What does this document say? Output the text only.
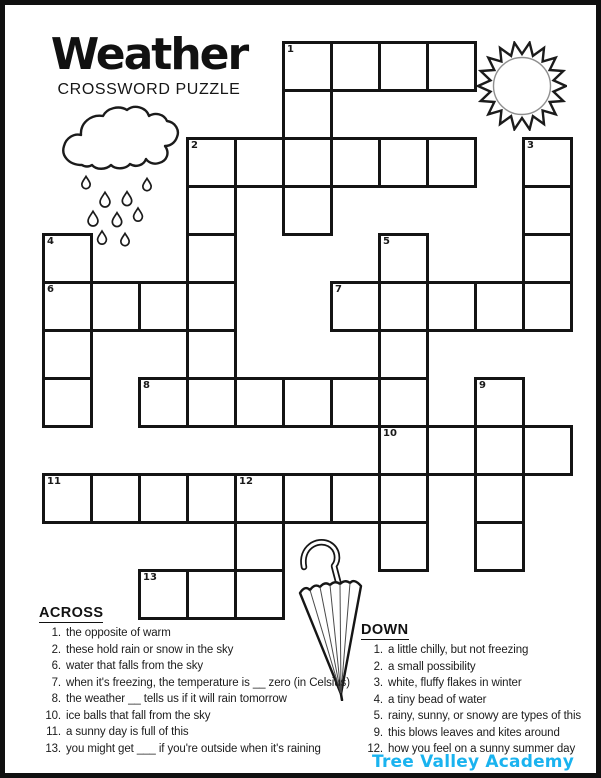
Weather
CROSSWORD PUZZLE
1
2	3
4	5
6	7
8	9
10
11	12
13
ACROSS
1. the opposite of warm
2. these hold rain or snow in the sky
6. water that falls from the sky
7. when it's freezing, the temperature is __ zero (in Celsius)
8. the weather __ tells us if it will rain tomorrow
10. ice balls that fall from the sky
11. a sunny day is full of this
13. you might get ___ if you're outside when it's raining
DOWN
1. a little chilly, but not freezing
2. a small possibility
3. white, fluffy flakes in winter
4. a tiny bead of water
5. rainy, sunny, or snowy are types of this
9. this blows leaves and kites around
12. how you feel on a sunny summer day
Tree Valley Academy
